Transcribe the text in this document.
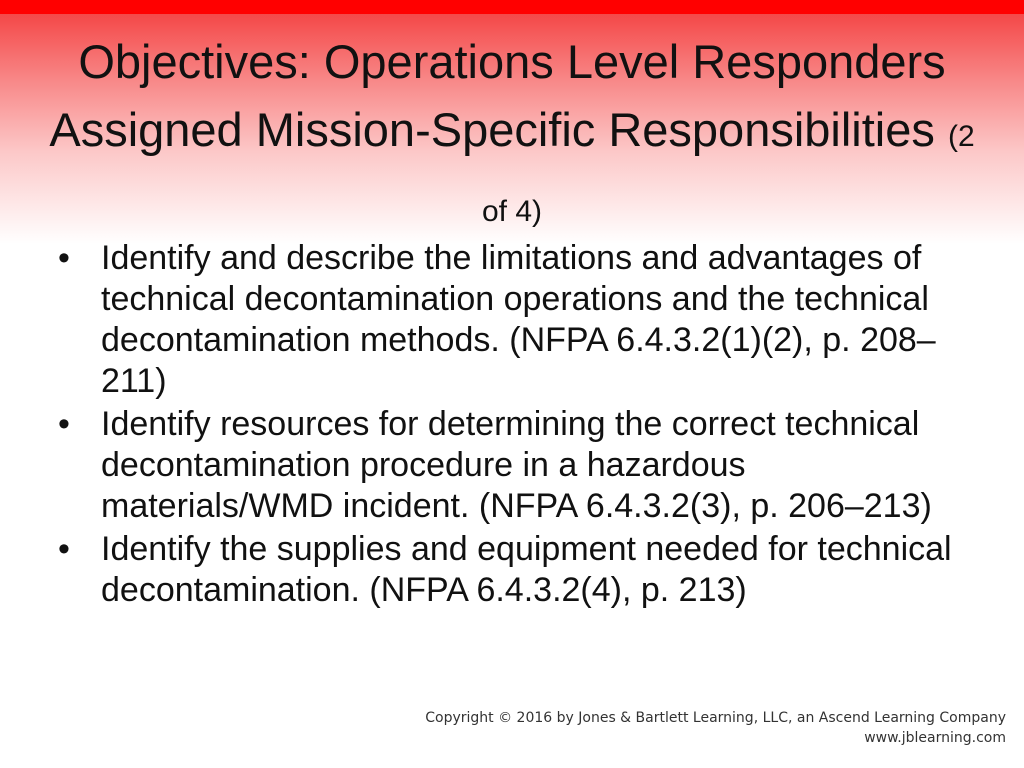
Objectives: Operations Level Responders Assigned Mission-Specific Responsibilities (2 of 4)
• Identify and describe the limitations and advantages of technical decontamination operations and the technical decontamination methods. (NFPA 6.4.3.2(1)(2), p. 208–211)
• Identify resources for determining the correct technical decontamination procedure in a hazardous materials/WMD incident. (NFPA 6.4.3.2(3), p. 206–213)
• Identify the supplies and equipment needed for technical decontamination. (NFPA 6.4.3.2(4), p. 213)
Copyright © 2016 by Jones & Bartlett Learning, LLC, an Ascend Learning Company
www.jblearning.com
